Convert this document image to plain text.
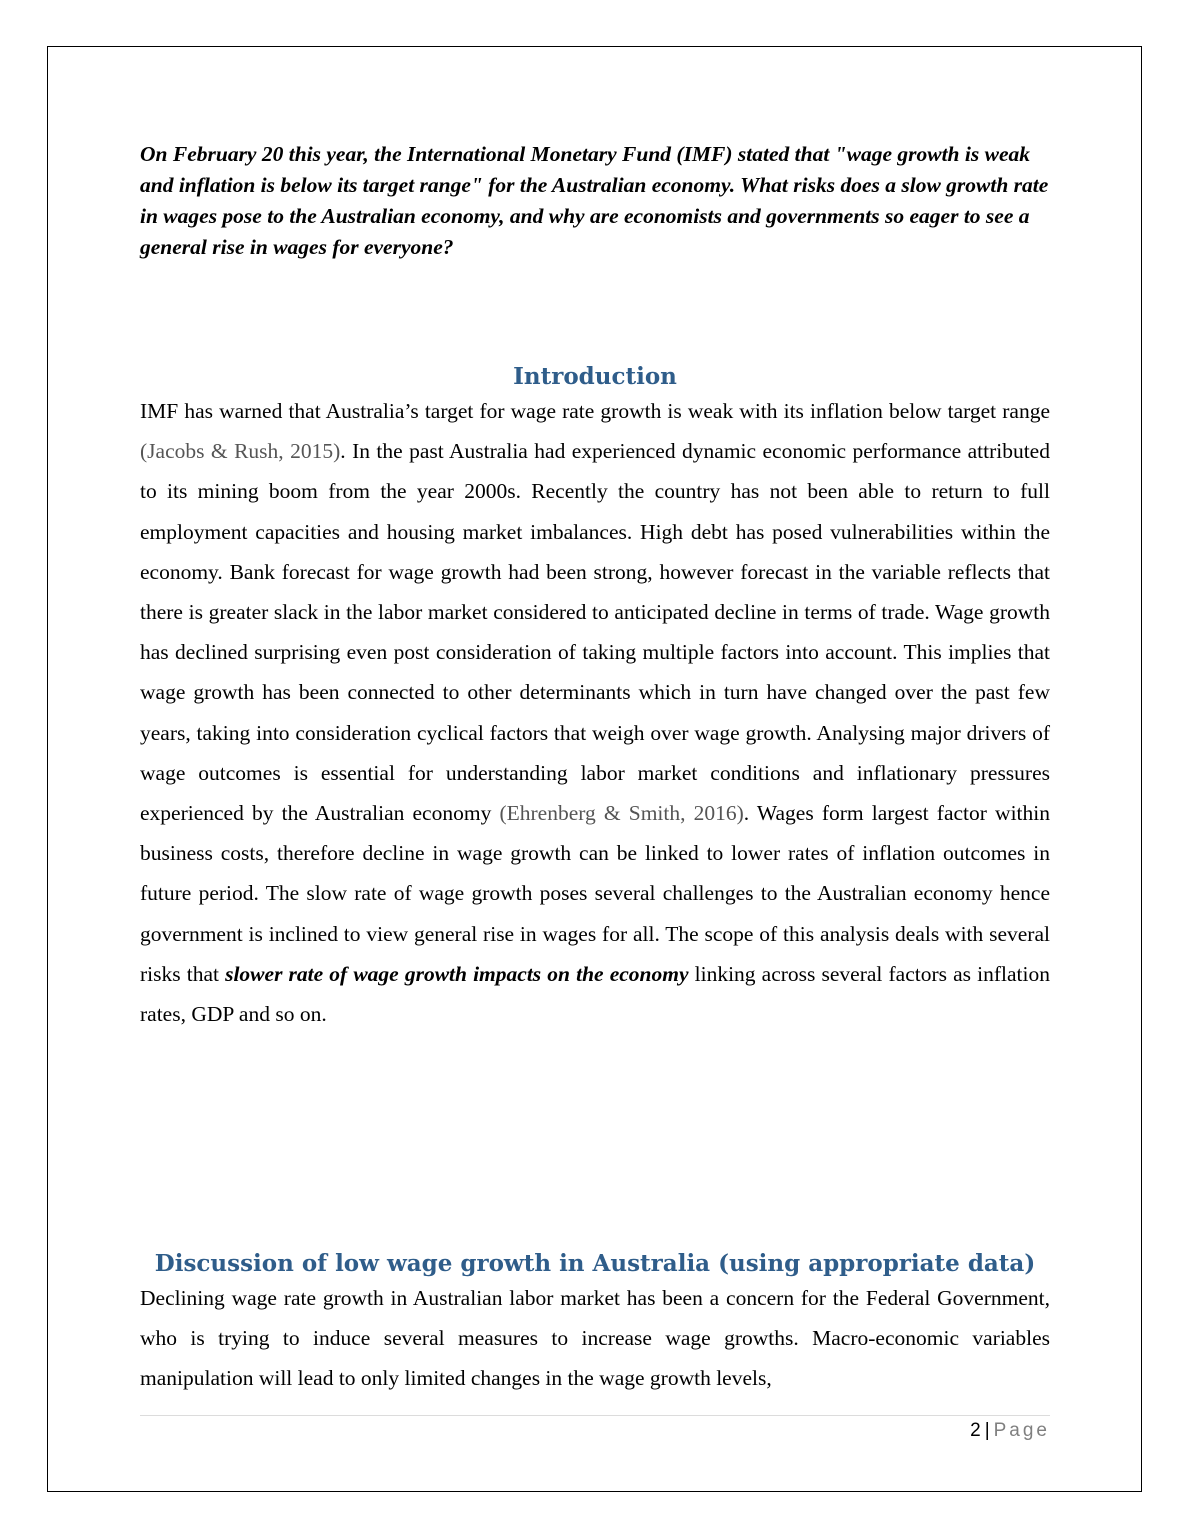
On February 20 this year, the International Monetary Fund (IMF) stated that "wage growth is weak and inflation is below its target range" for the Australian economy. What risks does a slow growth rate in wages pose to the Australian economy, and why are economists and governments so eager to see a general rise in wages for everyone?

Introduction

IMF has warned that Australia’s target for wage rate growth is weak with its inflation below target range (Jacobs & Rush, 2015). In the past Australia had experienced dynamic economic performance attributed to its mining boom from the year 2000s. Recently the country has not been able to return to full employment capacities and housing market imbalances. High debt has posed vulnerabilities within the economy. Bank forecast for wage growth had been strong, however forecast in the variable reflects that there is greater slack in the labor market considered to anticipated decline in terms of trade. Wage growth has declined surprising even post consideration of taking multiple factors into account. This implies that wage growth has been connected to other determinants which in turn have changed over the past few years, taking into consideration cyclical factors that weigh over wage growth. Analysing major drivers of wage outcomes is essential for understanding labor market conditions and inflationary pressures experienced by the Australian economy (Ehrenberg & Smith, 2016). Wages form largest factor within business costs, therefore decline in wage growth can be linked to lower rates of inflation outcomes in future period. The slow rate of wage growth poses several challenges to the Australian economy hence government is inclined to view general rise in wages for all. The scope of this analysis deals with several risks that slower rate of wage growth impacts on the economy linking across several factors as inflation rates, GDP and so on.

Discussion of low wage growth in Australia (using appropriate data)

Declining wage rate growth in Australian labor market has been a concern for the Federal Government, who is trying to induce several measures to increase wage growths. Macro-economic variables manipulation will lead to only limited changes in the wage growth levels,

2 | Page
